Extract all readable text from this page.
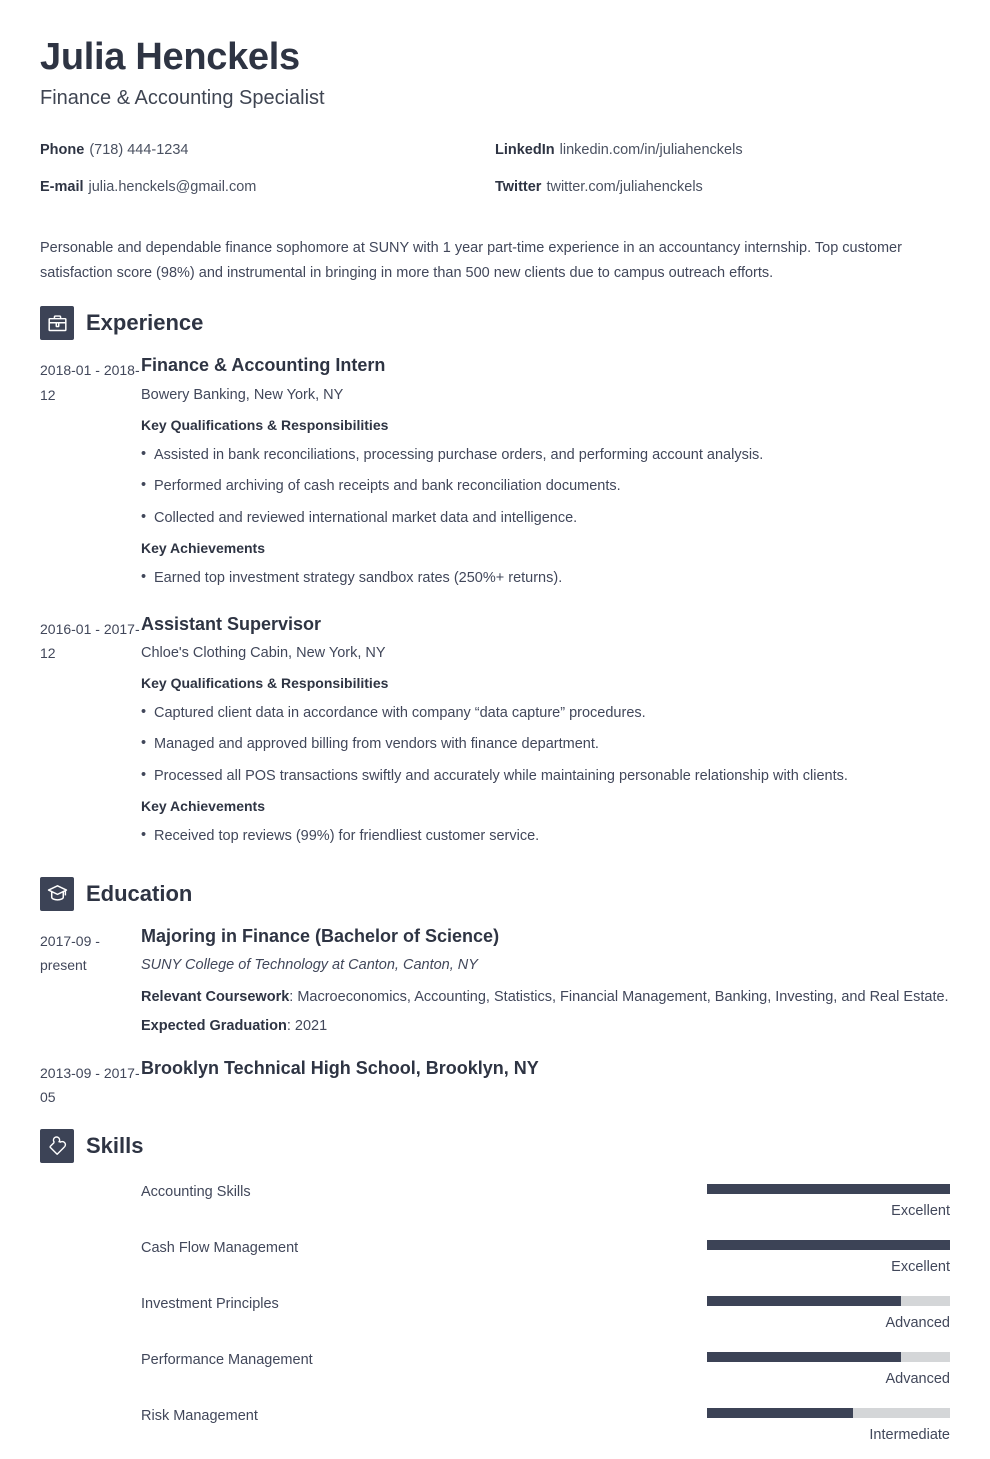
Julia Henckels
Finance & Accounting Specialist
Phone (718) 444-1234	LinkedIn linkedin.com/in/juliahenckels
E-mail julia.henckels@gmail.com	Twitter twitter.com/juliahenckels

Personable and dependable finance sophomore at SUNY with 1 year part-time experience in an accountancy internship. Top customer satisfaction score (98%) and instrumental in bringing in more than 500 new clients due to campus outreach efforts.

Experience
2018-01 - 2018-12
Finance & Accounting Intern
Bowery Banking, New York, NY
Key Qualifications & Responsibilities
• Assisted in bank reconciliations, processing purchase orders, and performing account analysis.
• Performed archiving of cash receipts and bank reconciliation documents.
• Collected and reviewed international market data and intelligence.
Key Achievements
• Earned top investment strategy sandbox rates (250%+ returns).
2016-01 - 2017-12
Assistant Supervisor
Chloe's Clothing Cabin, New York, NY
Key Qualifications & Responsibilities
• Captured client data in accordance with company “data capture” procedures.
• Managed and approved billing from vendors with finance department.
• Processed all POS transactions swiftly and accurately while maintaining personable relationship with clients.
Key Achievements
• Received top reviews (99%) for friendliest customer service.
Education
2017-09 - present
Majoring in Finance (Bachelor of Science)
SUNY College of Technology at Canton, Canton, NY
Relevant Coursework: Macroeconomics, Accounting, Statistics, Financial Management, Banking, Investing, and Real Estate.
Expected Graduation: 2021
2013-09 - 2017-05
Brooklyn Technical High School, Brooklyn, NY
Skills
Accounting Skills
Excellent
Cash Flow Management
Excellent
Investment Principles
Advanced
Performance Management
Advanced
Risk Management
Intermediate
